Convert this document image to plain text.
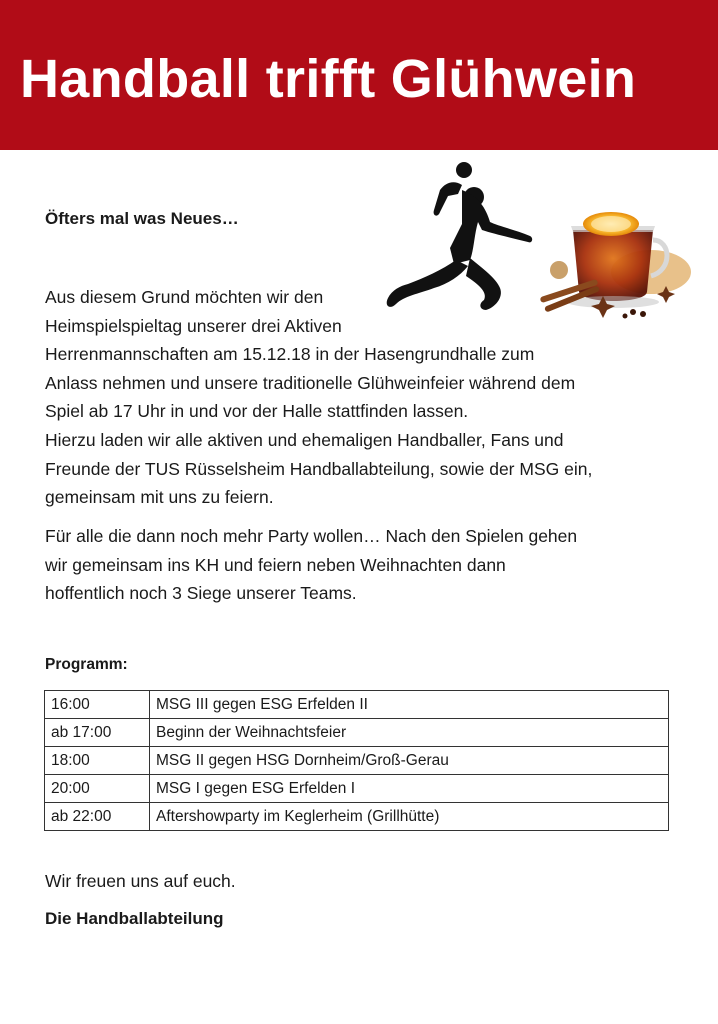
Handball trifft Glühwein
Öfters mal was Neues…
Aus diesem Grund möchten wir den
Heimspielspieltag unserer drei Aktiven
Herrenmannschaften am 15.12.18 in der Hasengrundhalle zum
Anlass nehmen und unsere traditionelle Glühweinfeier während dem
Spiel ab 17 Uhr in und vor der Halle stattfinden lassen.
Hierzu laden wir alle aktiven und ehemaligen Handballer, Fans und
Freunde der TUS Rüsselsheim Handballabteilung, sowie der MSG ein,
gemeinsam mit uns zu feiern.
Für alle die dann noch mehr Party wollen… Nach den Spielen gehen
wir gemeinsam ins KH und feiern neben Weihnachten dann
hoffentlich noch 3 Siege unserer Teams.
Programm:
16:00	MSG III gegen ESG Erfelden II
ab 17:00	Beginn der Weihnachtsfeier
18:00	MSG II gegen HSG Dornheim/Groß-Gerau
20:00	MSG I gegen ESG Erfelden I
ab 22:00	Aftershowparty im Keglerheim (Grillhütte)
Wir freuen uns auf euch.
Die Handballabteilung
